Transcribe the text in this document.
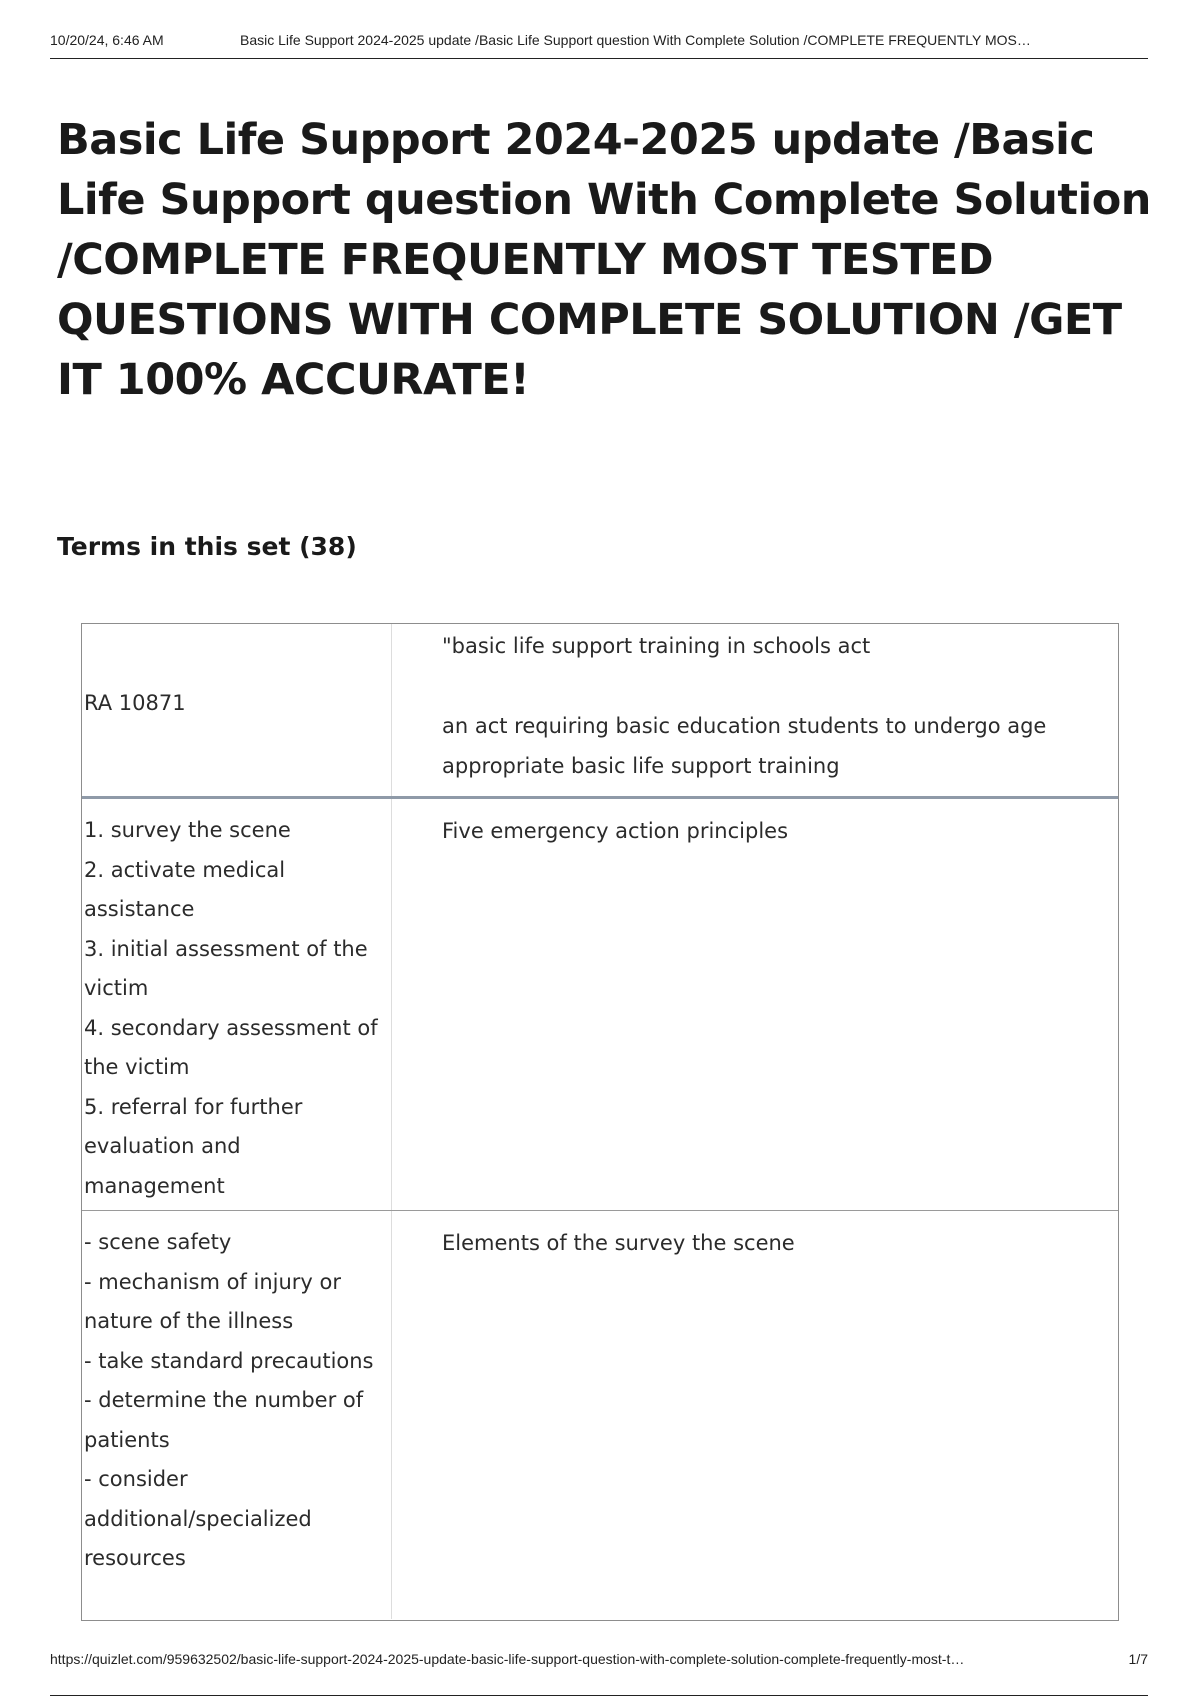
10/20/24, 6:46 AM	Basic Life Support 2024-2025 update /Basic Life Support question With Complete Solution /COMPLETE FREQUENTLY MOS…
Basic Life Support 2024-2025 update /Basic Life Support question With Complete Solution /COMPLETE FREQUENTLY MOST TESTED QUESTIONS WITH COMPLETE SOLUTION /GET IT 100% ACCURATE!
Terms in this set (38)

RA 10871

"basic life support training in schools act

an act requiring basic education students to undergo age appropriate basic life support training

1. survey the scene
2. activate medical assistance
3. initial assessment of the victim
4. secondary assessment of the victim
5. referral for further evaluation and management

Five emergency action principles

- scene safety
- mechanism of injury or nature of the illness
- take standard precautions
- determine the number of patients
- consider additional/specialized resources

Elements of the survey the scene

https://quizlet.com/959632502/basic-life-support-2024-2025-update-basic-life-support-question-with-complete-solution-complete-frequently-most-t…	1/7
